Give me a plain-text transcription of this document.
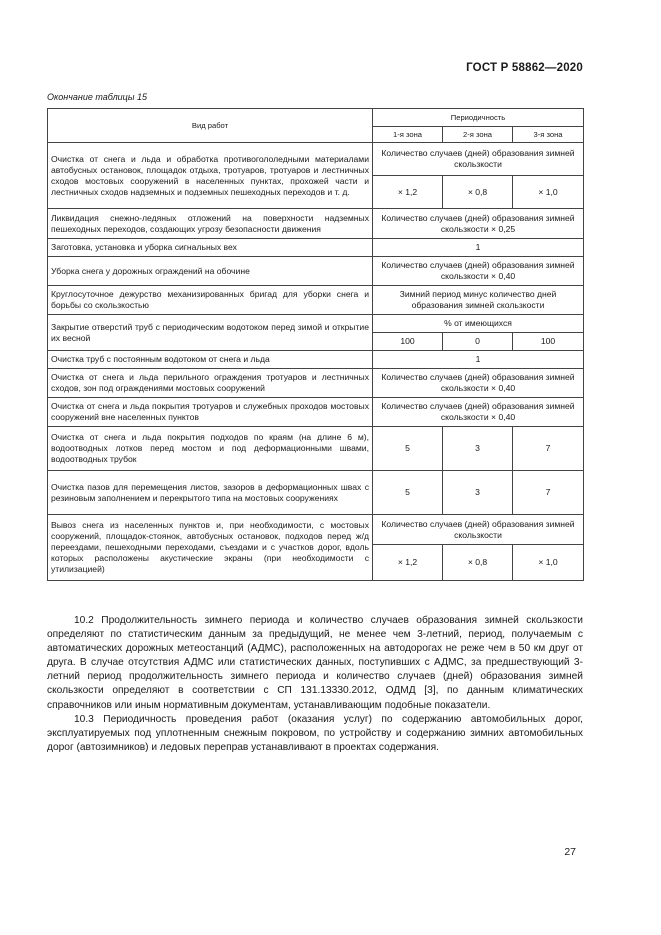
ГОСТ Р 58862—2020
Окончание таблицы 15
Вид работ	Периодичность		
	1-я зона	2-я зона	3-я зона
Очистка от снега и льда и обработка противогололедными материалами автобусных остановок, площадок отдыха, тротуаров, тротуаров и лестничных сходов мостовых сооружений в населенных пунктах, прохожей части и лестничных сходов надземных и подземных пешеходных переходов и т. д.	Количество случаев (дней) образования зимней скользкости		
	× 1,2	× 0,8	× 1,0
Ликвидация снежно-ледяных отложений на поверхности надземных пешеходных переходов, создающих угрозу безопасности движения	Количество случаев (дней) образования зимней скользкости × 0,25		
Заготовка, установка и уборка сигнальных вех	1		
Уборка снега у дорожных ограждений на обочине	Количество случаев (дней) образования зимней скользкости × 0,40		
Круглосуточное дежурство механизированных бригад для уборки снега и борьбы со скользкостью	Зимний период минус количество дней образования зимней скользкости		
Закрытие отверстий труб с периодическим водотоком перед зимой и открытие их весной	% от имеющихся		
	100	0	100
Очистка труб с постоянным водотоком от снега и льда	1		
Очистка от снега и льда перильного ограждения тротуаров и лестничных сходов, зон под ограждениями мостовых сооружений	Количество случаев (дней) образования зимней скользкости × 0,40		
Очистка от снега и льда покрытия тротуаров и служебных проходов мостовых сооружений вне населенных пунктов	Количество случаев (дней) образования зимней скользкости × 0,40		
Очистка от снега и льда покрытия подходов по краям (на длине 6 м), водоотводных лотков перед мостом и под деформационными швами, водоотводных трубок	5	3	7
Очистка пазов для перемещения листов, зазоров в деформационных швах с резиновым заполнением и перекрытого типа на мостовых сооружениях	5	3	7
Вывоз снега из населенных пунктов и, при необходимости, с мостовых сооружений, площадок-стоянок, автобусных остановок, подходов перед ж/д переездами, пешеходными переходами, съездами и с участков дорог, вдоль которых расположены акустические экраны (при необходимости с утилизацией)	Количество случаев (дней) образования зимней скользкости		
	× 1,2	× 0,8	× 1,0

10.2 Продолжительность зимнего периода и количество случаев образования зимней скользкости определяют по статистическим данным за предыдущий, не менее чем 3-летний, период, получаемым с автоматических дорожных метеостанций (АДМС), расположенных на автодорогах не реже чем в 50 км друг от друга. В случае отсутствия АДМС или статистических данных, поступивших с АДМС, за предшествующий 3-летний период продолжительность зимнего периода и количество случаев (дней) образования зимней скользкости определяют в соответствии с СП 131.13330.2012, ОДМД [3], по данным климатических справочников или иным нормативным документам, устанавливающим подобные показатели.

10.3 Периодичность проведения работ (оказания услуг) по содержанию автомобильных дорог, эксплуатируемых под уплотненным снежным покровом, по устройству и содержанию зимних автомобильных дорог (автозимников) и ледовых переправ устанавливают в проектах содержания.

27
